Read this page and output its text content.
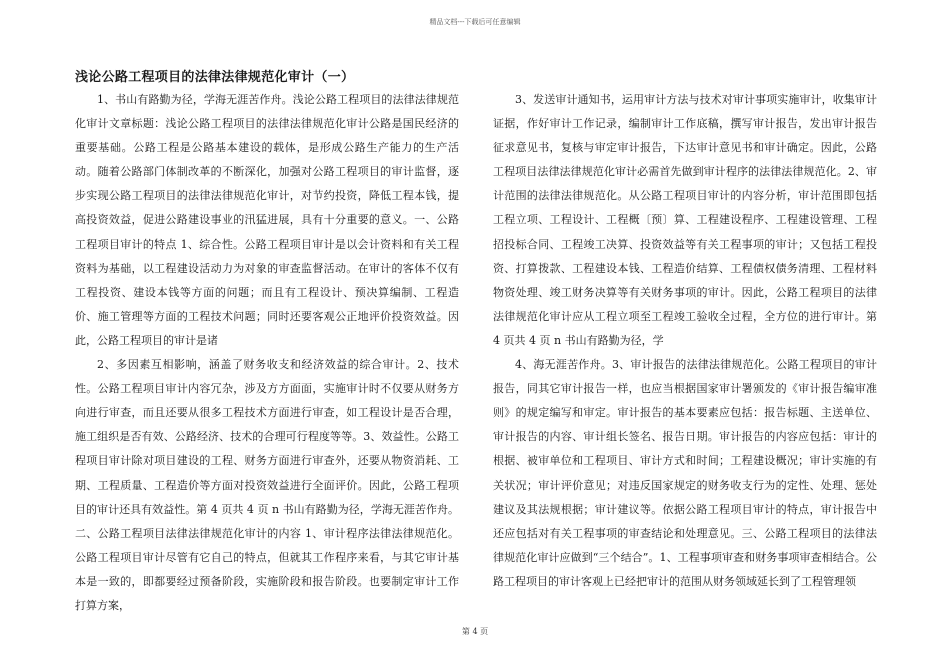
精品文档---下载后可任意编辑
浅论公路工程项目的法律法律规范化审计（一）

1、书山有路勤为径，学海无涯苦作舟。浅论公路工程项目的法律法律规范化审计文章标题：浅论公路工程项目的法律法律规范化审计公路是国民经济的重要基础。公路工程是公路基本建设的载体，是形成公路生产能力的生产活动。随着公路部门体制改革的不断深化，加强对公路工程项目的审计监督，逐步实现公路工程项目的法律法律规范化审计，对节约投资，降低工程本钱，提高投资效益，促进公路建设事业的汛猛进展，具有十分重要的意义。一、公路工程项目审计的特点 1、综合性。公路工程项目审计是以会计资料和有关工程资料为基础，以工程建设活动力为对象的审查监督活动。在审计的客体不仅有工程投资、建设本钱等方面的问题；而且有工程设计、预决算编制、工程造价、施工管理等方面的工程技术问题；同时还要客观公正地评价投资效益。因此，公路工程项目的审计是诸

2、多因素互相影响，涵盖了财务收支和经济效益的综合审计。2、技术性。公路工程项目审计内容冗杂，涉及方方面面，实施审计时不仅要从财务方向进行审查，而且还要从很多工程技术方面进行审查，如工程设计是否合理，施工组织是否有效、公路经济、技术的合理可行程度等等。3、效益性。公路工程项目审计除对项目建设的工程、财务方面进行审查外，还要从物资消耗、工期、工程质量、工程造价等方面对投资效益进行全面评价。因此，公路工程项目的审计还具有效益性。第 4 页共 4 页 n 书山有路勤为径，学海无涯苦作舟。二、公路工程项目法律法律规范化审计的内容 1、审计程序法律法律规范化。公路工程项目审计尽管有它自己的特点，但就其工作程序来看，与其它审计基本是一致的，即都要经过预备阶段，实施阶段和报告阶段。也要制定审计工作打算方案，

3、发送审计通知书，运用审计方法与技术对审计事项实施审计，收集审计证据，作好审计工作记录，编制审计工作底稿，撰写审计报告，发出审计报告征求意见书，复核与审定审计报告，下达审计意见书和审计确定。因此，公路工程项目法律法律规范化审计必需首先做到审计程序的法律法律规范化。2、审计范围的法律法律规范化。从公路工程项目审计的内容分析，审计范围即包括工程立项、工程设计、工程概〔预〕算、工程建设程序、工程建设管理、工程招投标合同、工程竣工决算、投资效益等有关工程事项的审计；又包括工程投资、打算拨款、工程建设本钱、工程造价结算、工程债权债务清理、工程材料物资处理、竣工财务决算等有关财务事项的审计。因此，公路工程项目的法律法律规范化审计应从工程立项至工程竣工验收全过程，全方位的进行审计。第 4 页共 4 页 n 书山有路勤为径，学

4、海无涯苦作舟。3、审计报告的法律法律规范化。公路工程项目的审计报告，同其它审计报告一样，也应当根据国家审计署颁发的《审计报告编审准则》的规定编写和审定。审计报告的基本要素应包括：报告标题、主送单位、审计报告的内容、审计组长签名、报告日期。审计报告的内容应包括：审计的根据、被审单位和工程项目、审计方式和时间；工程建设概况；审计实施的有关状况；审计评价意见；对违反国家规定的财务收支行为的定性、处理、惩处建议及其法规根据；审计建议等。依据公路工程项目审计的特点，审计报告中还应包括对有关工程事项的审查结论和处理意见。三、公路工程项目的法律法律规范化审计应做到“三个结合”。1、工程事项审查和财务事项审查相结合。公路工程项目的审计客观上已经把审计的范围从财务领域延长到了工程管理领

第 4 页
